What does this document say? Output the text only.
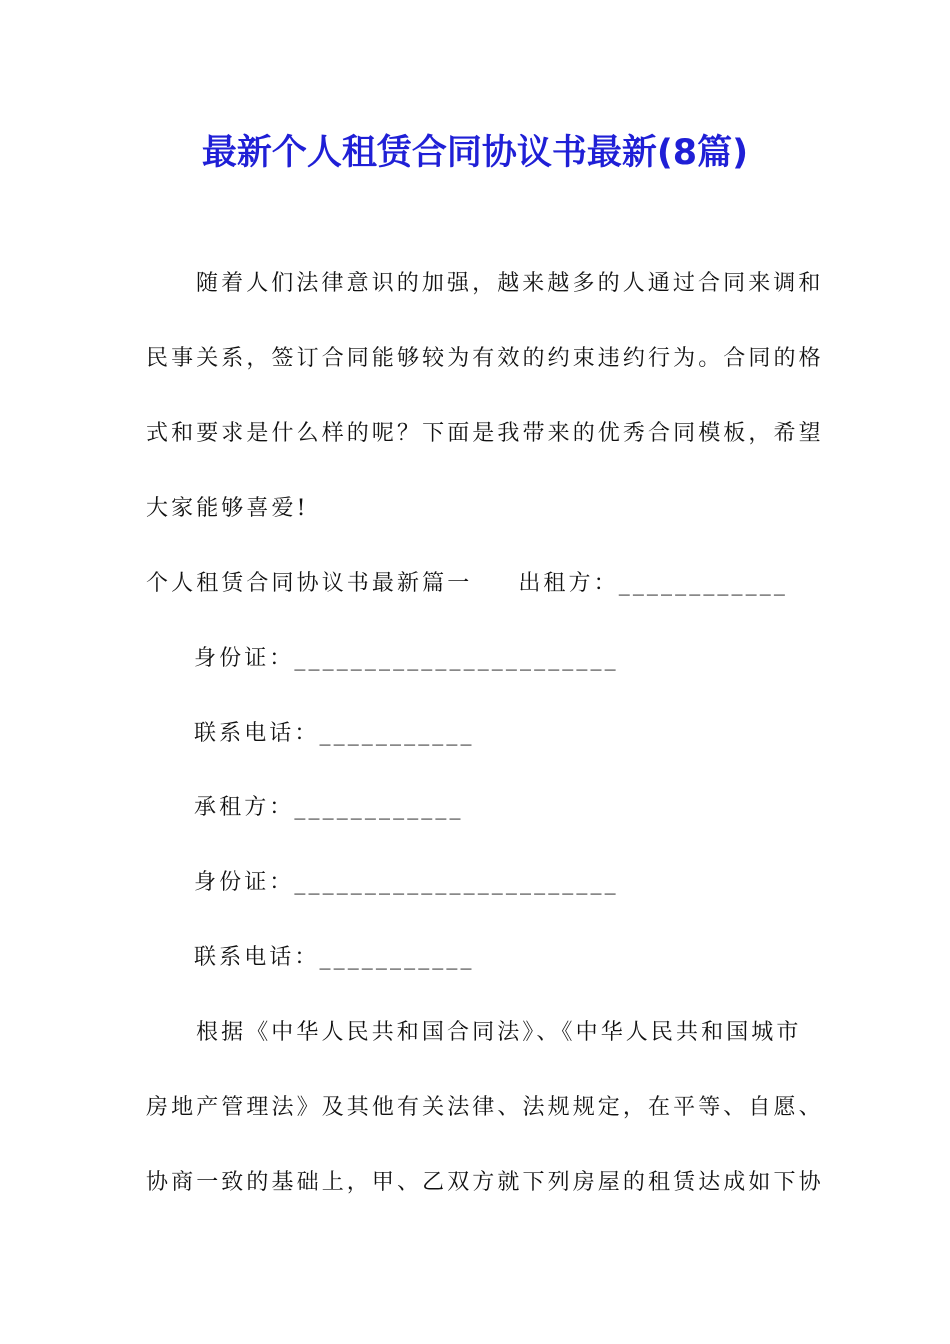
最新个人租赁合同协议书最新(8篇)
随着人们法律意识的加强，越来越多的人通过合同来调和
民事关系，签订合同能够较为有效的约束违约行为。合同的格
式和要求是什么样的呢？下面是我带来的优秀合同模板，希望
大家能够喜爱!
个人租赁合同协议书最新篇一 出租方：____________
身份证：_______________________
联系电话：___________
承租方：____________
身份证：_______________________
联系电话：___________
根据《中华人民共和国合同法》、《中华人民共和国城市
房地产管理法》及其他有关法律、法规规定，在平等、自愿、
协商一致的基础上，甲、乙双方就下列房屋的租赁达成如下协
